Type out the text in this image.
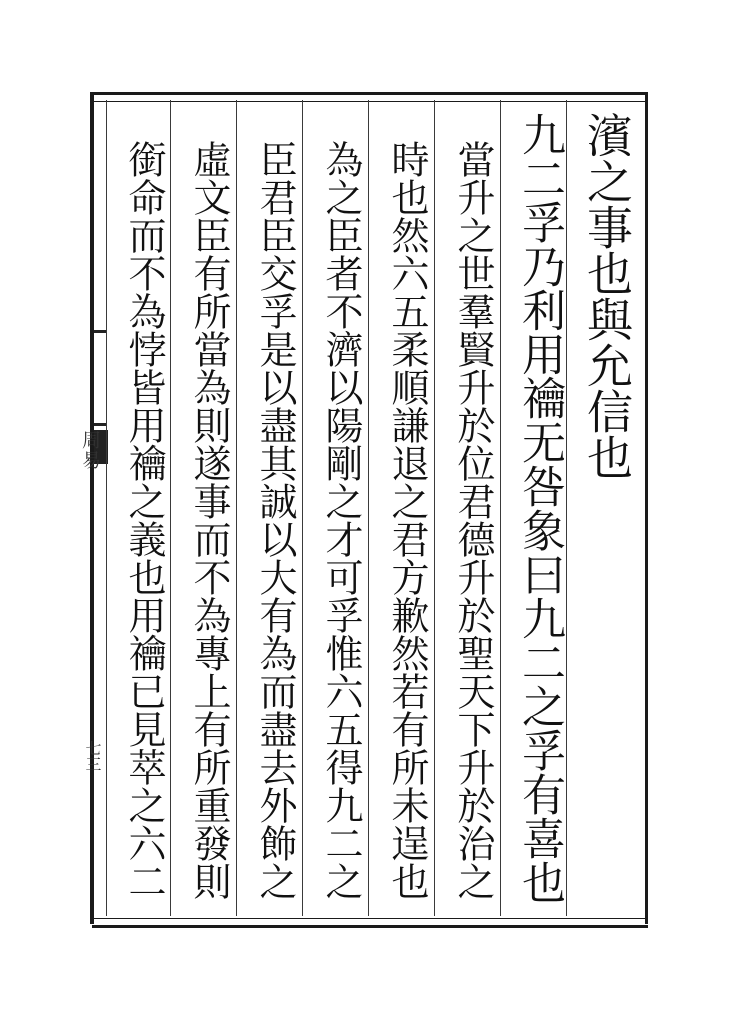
周易
七三
濱之事也與允信也
九二孚乃利用禴无咎象曰九二之孚有喜也
當升之世羣賢升於位君德升於聖天下升於治之
時也然六五柔順謙退之君方歉然若有所未逞也
為之臣者不濟以陽剛之才可孚惟六五得九二之
臣君臣交孚是以盡其誠以大有為而盡去外飾之
虛文臣有所當為則遂事而不為專上有所重發則
銜命而不為悖皆用禴之義也用禴已見萃之六二
